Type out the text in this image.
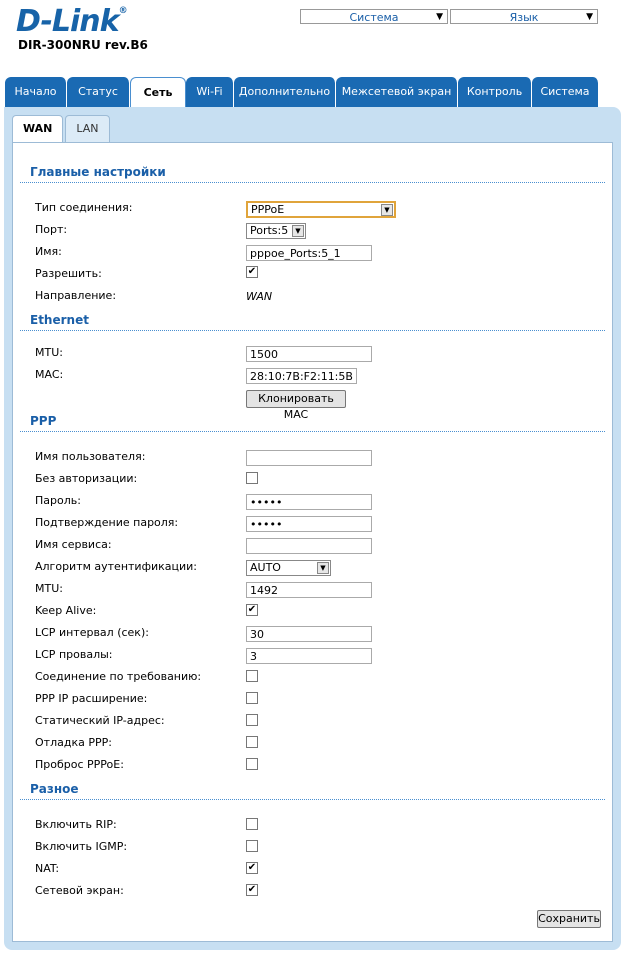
D-Link®
DIR-300NRU rev.B6
Система	▼	Язык	▼
Начало	Статус	Сеть	Wi-Fi	Дополнительно	Межсетевой экран	Контроль	Система
WAN	LAN
Главные настройки
Тип соединения:	PPPoE	▼
Порт:	Ports:5	▼
Имя:
pppoe_Ports:5_1
Разрешить:	✔
Направление:	WAN
Ethernet
MTU:
1500
MAC:
28:10:7B:F2:11:5B
Клонировать MAC
PPP
Имя пользователя:
Без авторизации:
Пароль:
•••••
Подтверждение пароля:
•••••
Имя сервиса:
Алгоритм аутентификации:	AUTO	▼
MTU:
1492
Keep Alive:	✔
LCP интервал (сек):
30
LCP провалы:
3
Соединение по требованию:
PPP IP расширение:
Статический IP-адрес:
Отладка PPP:
Проброс PPPoE:
Разное
Включить RIP:
Включить IGMP:
NAT:	✔
Сетевой экран:	✔
Сохранить
